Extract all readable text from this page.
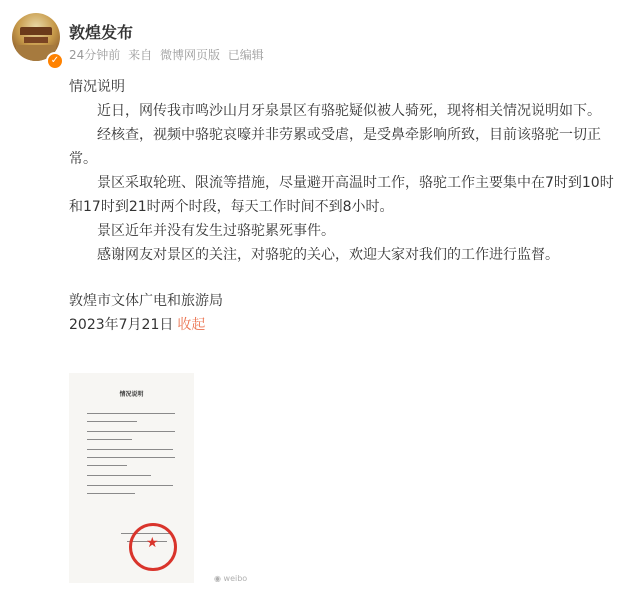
✓
敦煌发布
24分钟前 来自 微博网页版 已编辑

情况说明

近日，网传我市鸣沙山月牙泉景区有骆驼疑似被人骑死，现将相关情况说明如下。

经核查，视频中骆驼哀嚎并非劳累或受虐，是受鼻牵影响所致，目前该骆驼一切正常。

景区采取轮班、限流等措施，尽量避开高温时工作，骆驼工作主要集中在7时到10时和17时到21时两个时段，每天工作时间不到8小时。

景区近年并没有发生过骆驼累死事件。

感谢网友对景区的关注，对骆驼的关心，欢迎大家对我们的工作进行监督。

敦煌市文体广电和旅游局

2023年7月21日 收起

情况说明
★
◉ weibo
